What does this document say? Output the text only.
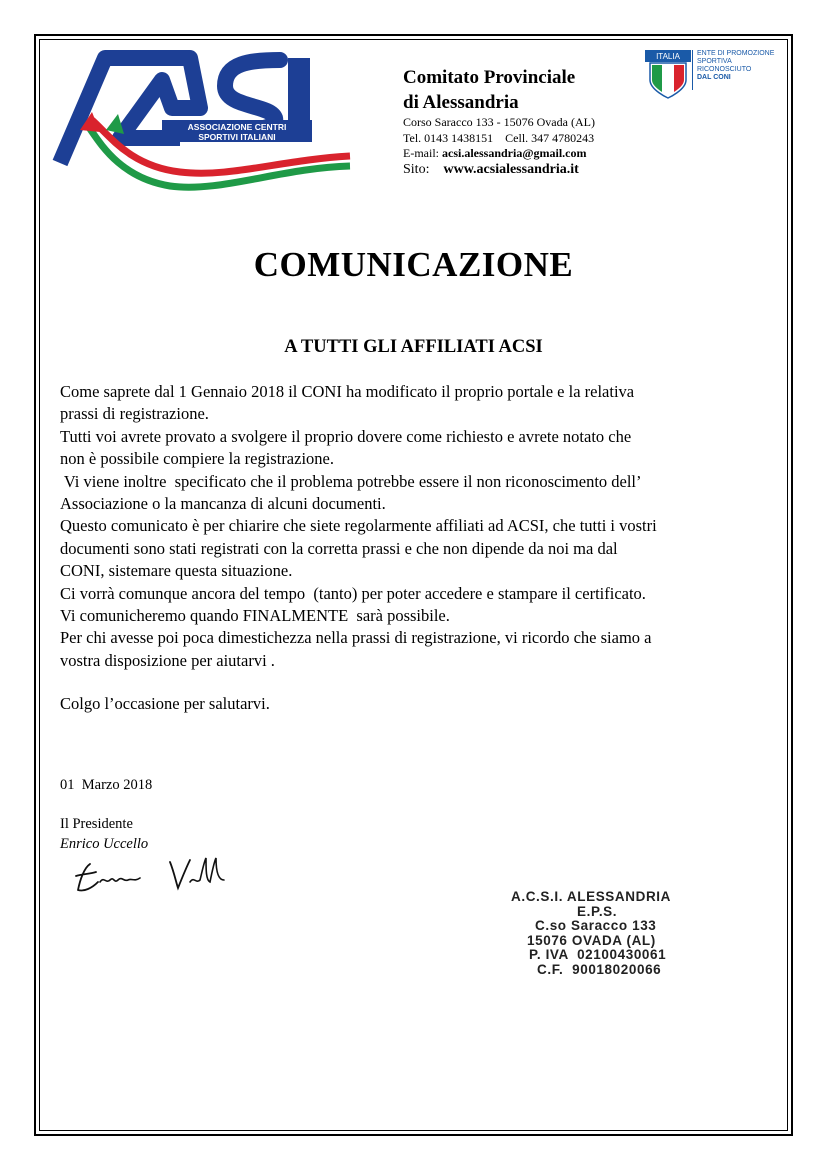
ASSOCIAZIONE CENTRI
SPORTIVI ITALIANI
Comitato Provinciale
di Alessandria
Corso Saracco 133 - 15076 Ovada (AL)
Tel. 0143 1438151    Cell. 347 4780243
E-mail: acsi.alessandria@gmail.com
Sito:    www.acsialessandria.it
ITALIA ENTE DI PROMOZIONE
SPORTIVA
RICONOSCIUTO
DAL CONI
COMUNICAZIONE
A TUTTI GLI AFFILIATI ACSI

Come saprete dal 1 Gennaio 2018 il CONI ha modificato il proprio portale e la relativa

prassi di registrazione.

Tutti voi avrete provato a svolgere il proprio dovere come richiesto e avrete notato che

non è possibile compiere la registrazione.

Vi viene inoltre  specificato che il problema potrebbe essere il non riconoscimento dell’

Associazione o la mancanza di alcuni documenti.

Questo comunicato è per chiarire che siete regolarmente affiliati ad ACSI, che tutti i vostri

documenti sono stati registrati con la corretta prassi e che non dipende da noi ma dal

CONI, sistemare questa situazione.

Ci vorrà comunque ancora del tempo  (tanto) per poter accedere e stampare il certificato.

Vi comunicheremo quando FINALMENTE  sarà possibile.

Per chi avesse poi poca dimestichezza nella prassi di registrazione, vi ricordo che siamo a

vostra disposizione per aiutarvi .

Colgo l’occasione per salutarvi.
01  Marzo 2018
Il Presidente
Enrico Uccello
A.C.S.I. ALESSANDRIA
E.P.S.
C.so Saracco 133
15076 OVADA (AL)
P. IVA  02100430061
C.F.  90018020066
